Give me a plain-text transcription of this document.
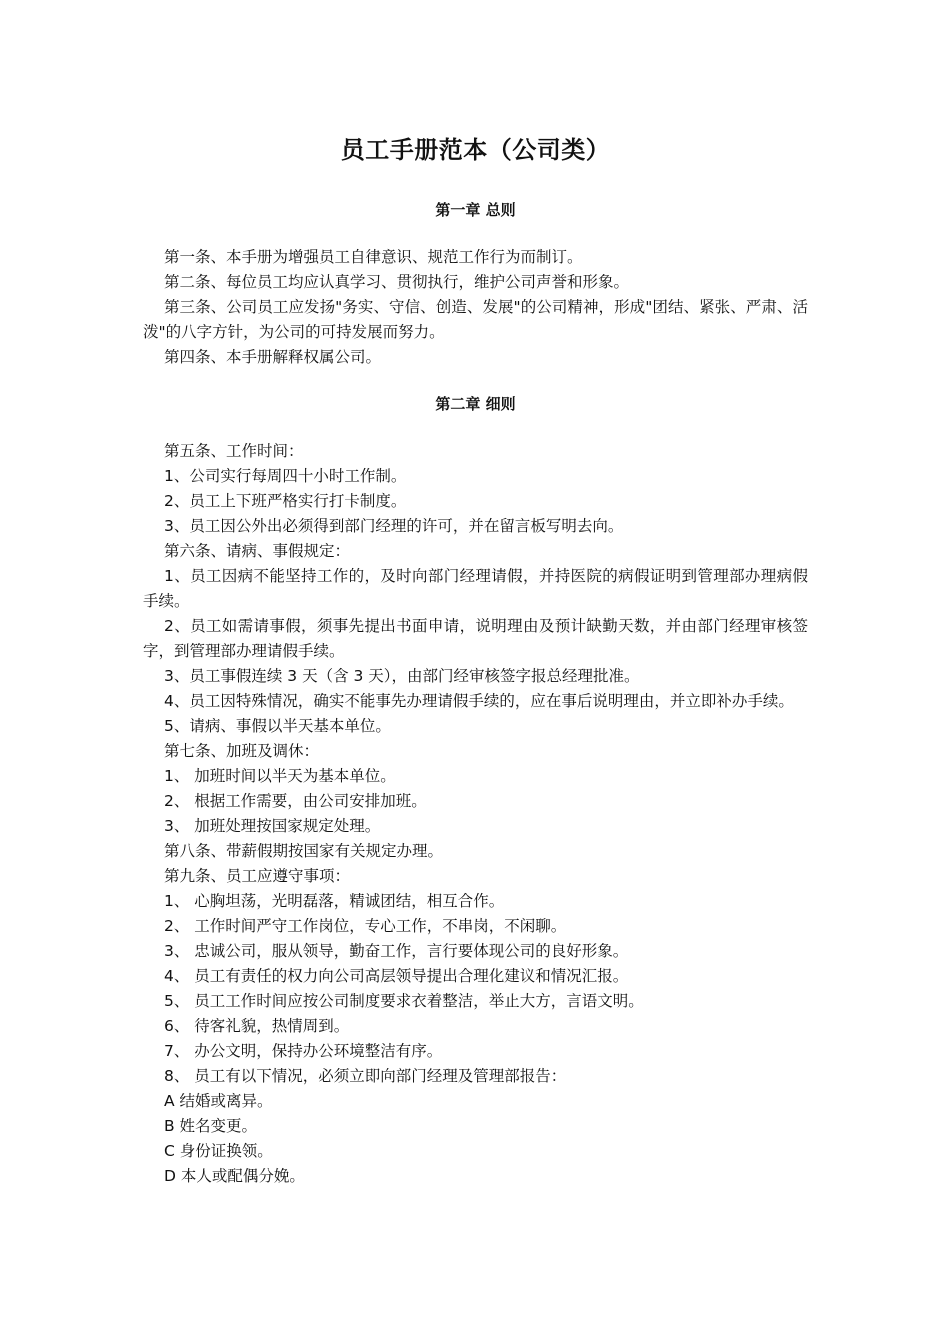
员工手册范本（公司类）
第一章 总则

第一条、本手册为增强员工自律意识、规范工作行为而制订。

第二条、每位员工均应认真学习、贯彻执行，维护公司声誉和形象。

第三条、公司员工应发扬"务实、守信、创造、发展"的公司精神，形成"团结、紧张、严肃、活泼"的八字方针，为公司的可持发展而努力。

第四条、本手册解释权属公司。

第二章 细则

第五条、工作时间：

1、公司实行每周四十小时工作制。

2、员工上下班严格实行打卡制度。

3、员工因公外出必须得到部门经理的许可，并在留言板写明去向。

第六条、请病、事假规定：

1、员工因病不能坚持工作的，及时向部门经理请假，并持医院的病假证明到管理部办理病假手续。

2、员工如需请事假，须事先提出书面申请，说明理由及预计缺勤天数，并由部门经理审核签字，到管理部办理请假手续。

3、员工事假连续 3 天（含 3 天），由部门经审核签字报总经理批准。

4、员工因特殊情况，确实不能事先办理请假手续的，应在事后说明理由，并立即补办手续。

5、请病、事假以半天基本单位。

第七条、加班及调休：

1、 加班时间以半天为基本单位。

2、 根据工作需要，由公司安排加班。

3、 加班处理按国家规定处理。

第八条、带薪假期按国家有关规定办理。

第九条、员工应遵守事项：

1、 心胸坦荡，光明磊落，精诚团结，相互合作。

2、 工作时间严守工作岗位，专心工作，不串岗，不闲聊。

3、 忠诚公司，服从领导，勤奋工作，言行要体现公司的良好形象。

4、 员工有责任的权力向公司高层领导提出合理化建议和情况汇报。

5、 员工工作时间应按公司制度要求衣着整洁，举止大方，言语文明。

6、 待客礼貌，热情周到。

7、 办公文明，保持办公环境整洁有序。

8、 员工有以下情况，必须立即向部门经理及管理部报告：

A 结婚或离异。

B 姓名变更。

C 身份证换领。

D 本人或配偶分娩。
